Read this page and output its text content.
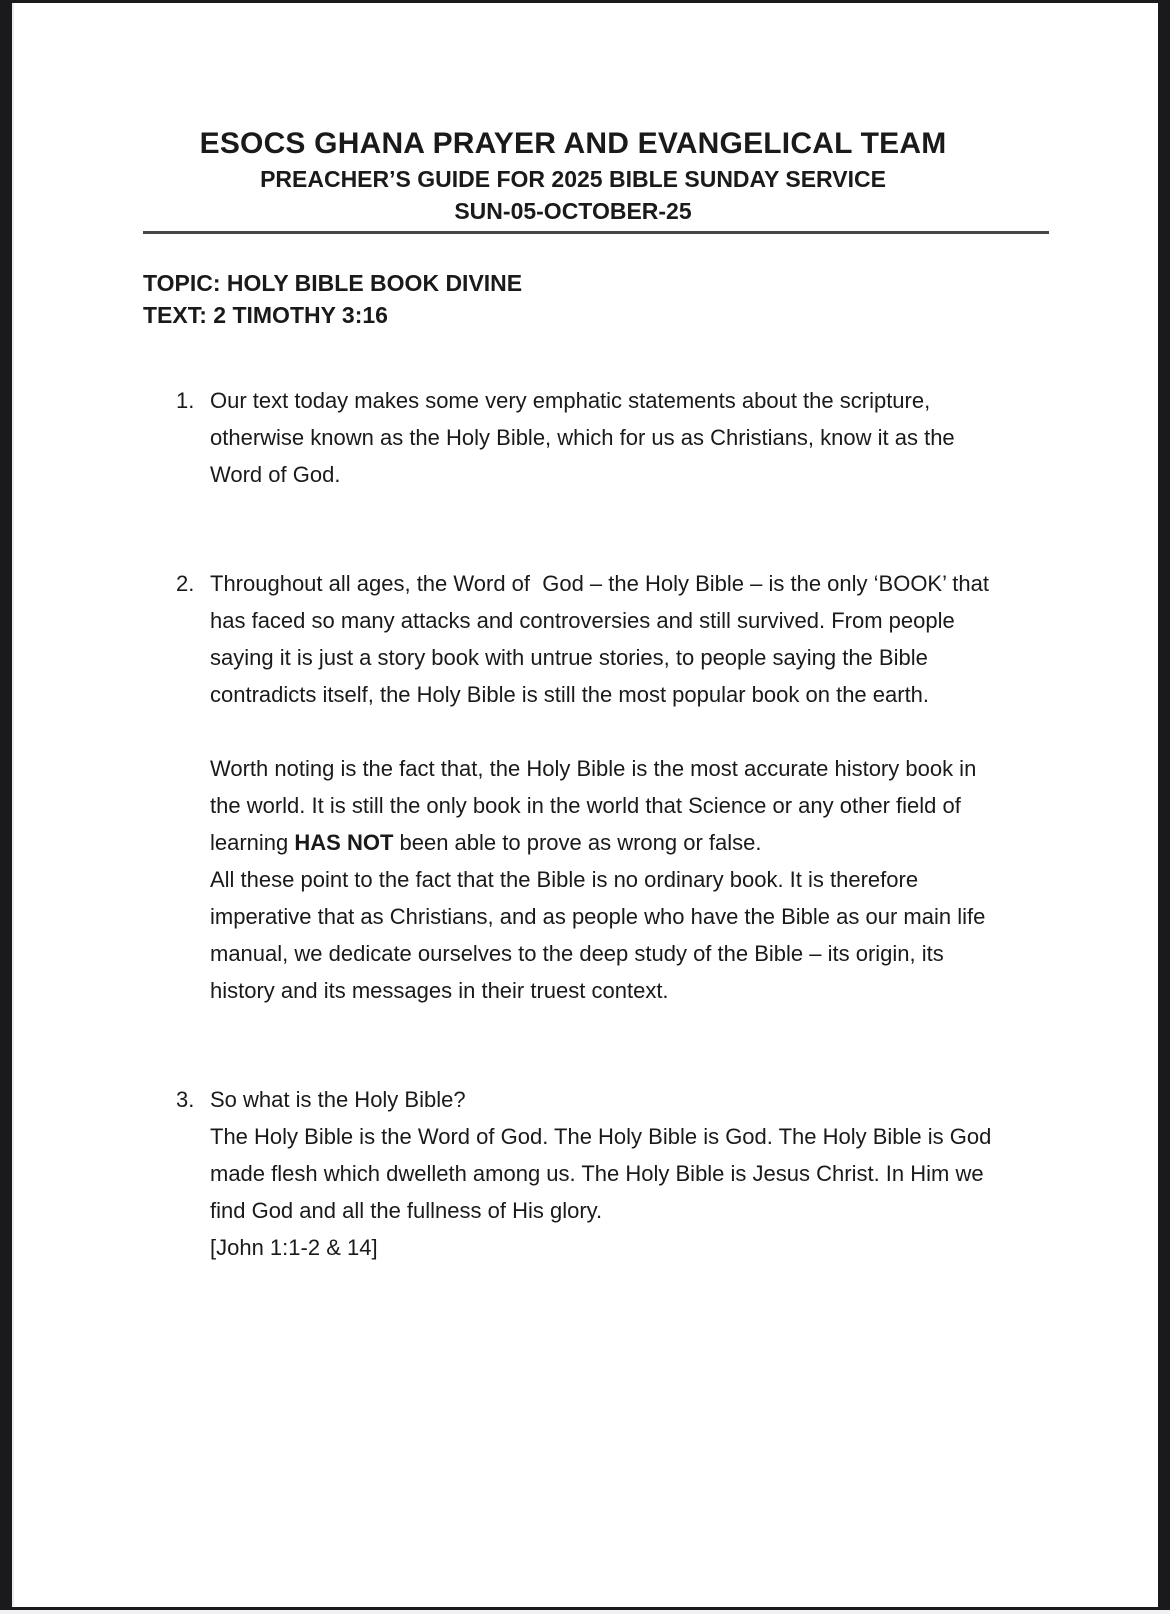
ESOCS GHANA PRAYER AND EVANGELICAL TEAM
PREACHER’S GUIDE FOR 2025 BIBLE SUNDAY SERVICE
SUN-05-OCTOBER-25
TOPIC: HOLY BIBLE BOOK DIVINE
TEXT: 2 TIMOTHY 3:16
1. Our text today makes some very emphatic statements about the scripture, otherwise known as the Holy Bible, which for us as Christians, know it as the Word of God.
2. Throughout all ages, the Word of  God – the Holy Bible – is the only ‘BOOK’ that has faced so many attacks and controversies and still survived. From people saying it is just a story book with untrue stories, to people saying the Bible contradicts itself, the Holy Bible is still the most popular book on the earth.
Worth noting is the fact that, the Holy Bible is the most accurate history book in the world. It is still the only book in the world that Science or any other field of learning HAS NOT been able to prove as wrong or false.
All these point to the fact that the Bible is no ordinary book. It is therefore imperative that as Christians, and as people who have the Bible as our main life manual, we dedicate ourselves to the deep study of the Bible – its origin, its history and its messages in their truest context.
3. So what is the Holy Bible?
The Holy Bible is the Word of God. The Holy Bible is God. The Holy Bible is God made flesh which dwelleth among us. The Holy Bible is Jesus Christ. In Him we find God and all the fullness of His glory.
[John 1:1-2 & 14]
